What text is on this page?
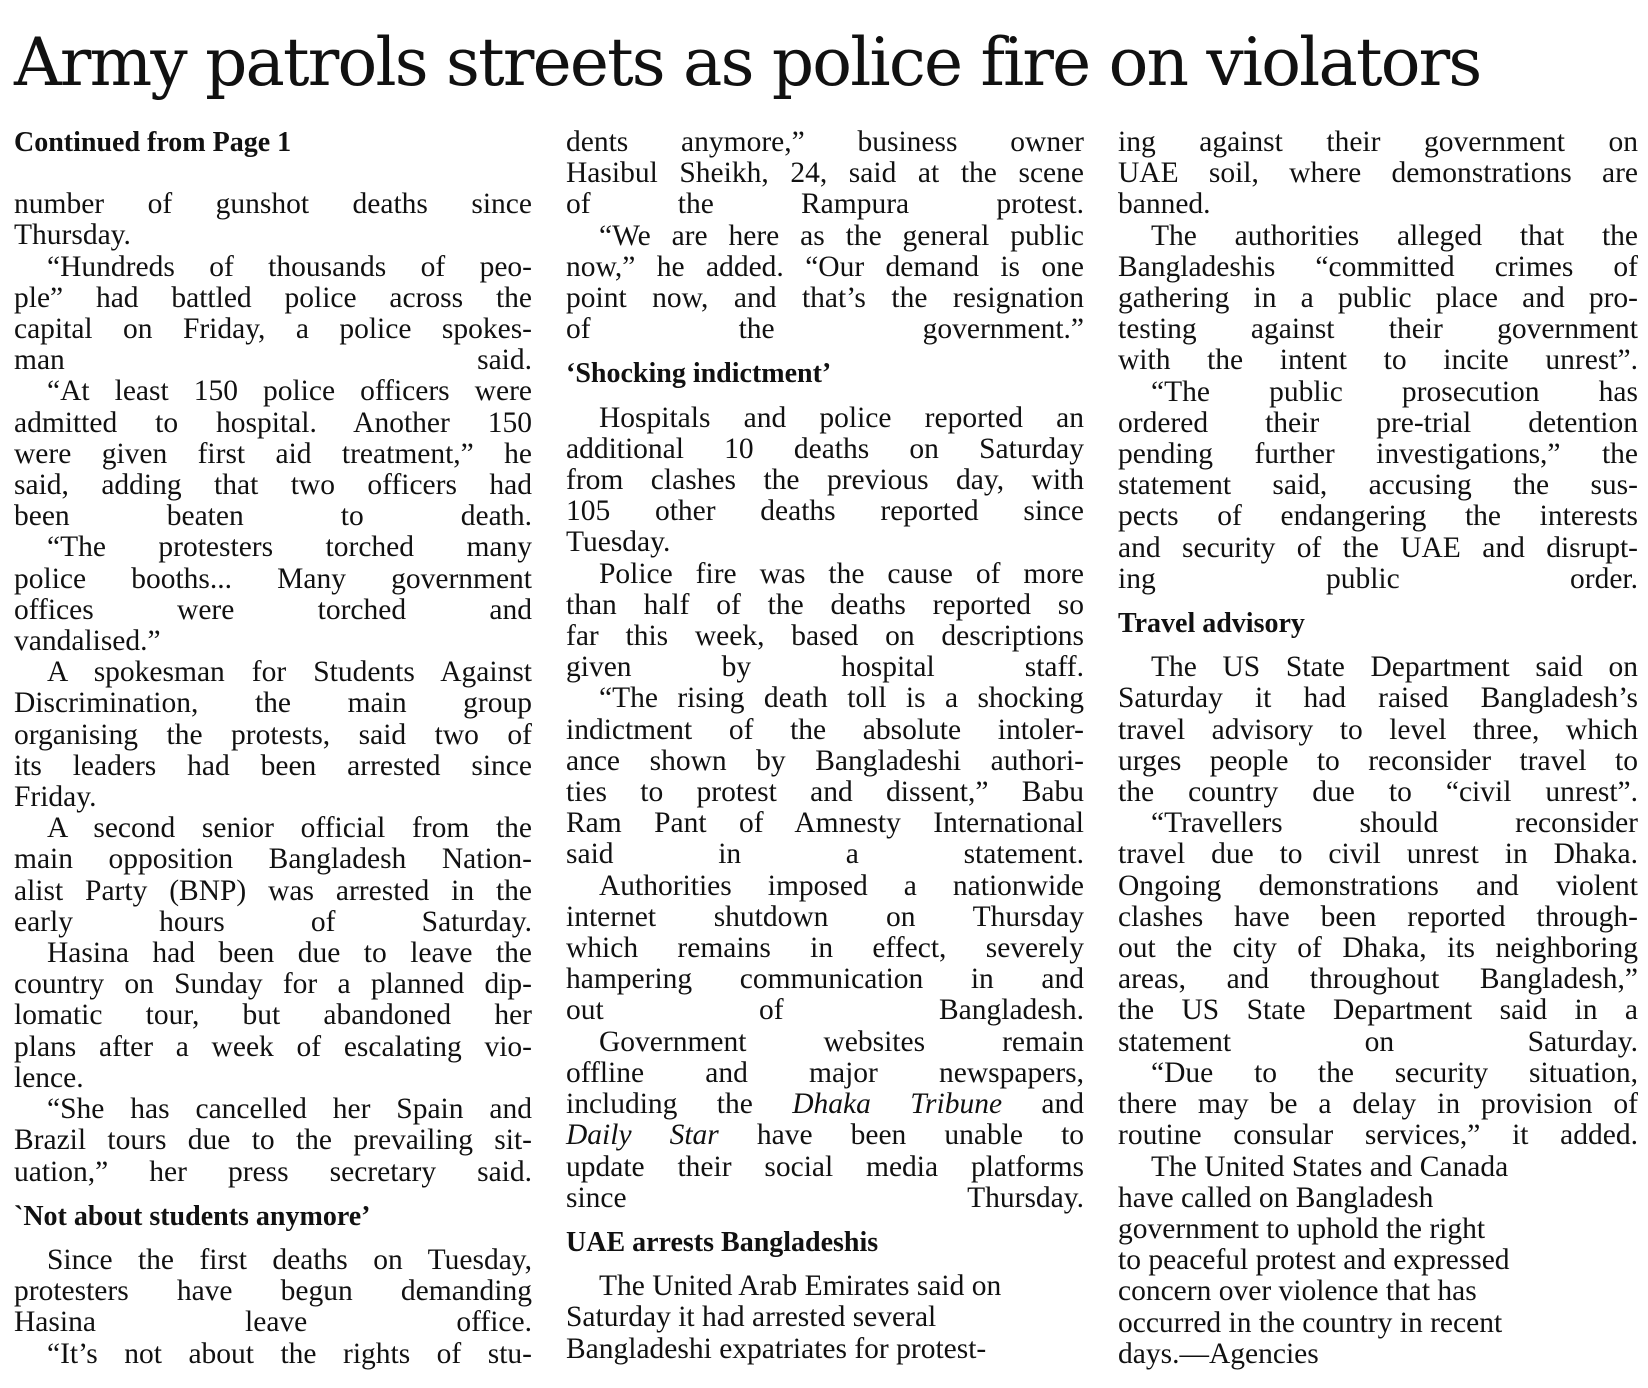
Army patrols streets as police fire on violators
Continued from Page 1

number of gunshot deaths since
Thursday.

“Hundreds of thousands of peo-
ple” had battled police across the
capital on Friday, a police spokes-
man said.

“At least 150 police officers were
admitted to hospital. Another 150
were given first aid treatment,” he
said, adding that two officers had
been beaten to death.

“The protesters torched many
police booths... Many government
offices were torched and
vandalised.”

A spokesman for Students Against
Discrimination, the main group
organising the protests, said two of
its leaders had been arrested since
Friday.

A second senior official from the
main opposition Bangladesh Nation-
alist Party (BNP) was arrested in the
early hours of Saturday.

Hasina had been due to leave the
country on Sunday for a planned dip-
lomatic tour, but abandoned her
plans after a week of escalating vio-
lence.

“She has cancelled her Spain and
Brazil tours due to the prevailing sit-
uation,” her press secretary said.

`Not about students anymore’

Since the first deaths on Tuesday,
protesters have begun demanding
Hasina leave office.

“It’s not about the rights of stu-

dents anymore,” business owner
Hasibul Sheikh, 24, said at the scene
of the Rampura protest.

“We are here as the general public
now,” he added. “Our demand is one
point now, and that’s the resignation
of the government.”

‘Shocking indictment’

Hospitals and police reported an
additional 10 deaths on Saturday
from clashes the previous day, with
105 other deaths reported since
Tuesday.

Police fire was the cause of more
than half of the deaths reported so
far this week, based on descriptions
given by hospital staff.

“The rising death toll is a shocking
indictment of the absolute intoler-
ance shown by Bangladeshi authori-
ties to protest and dissent,” Babu
Ram Pant of Amnesty International
said in a statement.

Authorities imposed a nationwide
internet shutdown on Thursday
which remains in effect, severely
hampering communication in and
out of Bangladesh.

Government websites remain
offline and major newspapers,
including the Dhaka Tribune and
Daily Star have been unable to
update their social media platforms
since Thursday.

UAE arrests Bangladeshis

The United Arab Emirates said on
Saturday it had arrested several
Bangladeshi expatriates for protest-

ing against their government on
UAE soil, where demonstrations are
banned.

The authorities alleged that the
Bangladeshis “committed crimes of
gathering in a public place and pro-
testing against their government
with the intent to incite unrest”.

“The public prosecution has
ordered their pre-trial detention
pending further investigations,” the
statement said, accusing the sus-
pects of endangering the interests
and security of the UAE and disrupt-
ing public order.

Travel advisory

The US State Department said on
Saturday it had raised Bangladesh’s
travel advisory to level three, which
urges people to reconsider travel to
the country due to “civil unrest”.

“Travellers should reconsider
travel due to civil unrest in Dhaka.
Ongoing demonstrations and violent
clashes have been reported through-
out the city of Dhaka, its neighboring
areas, and throughout Bangladesh,”
the US State Department said in a
statement on Saturday.

“Due to the security situation,
there may be a delay in provision of
routine consular services,” it added.

The United States and Canada
have called on Bangladesh
government to uphold the right
to peaceful protest and expressed
concern over violence that has
occurred in the country in recent
days.—Agencies
